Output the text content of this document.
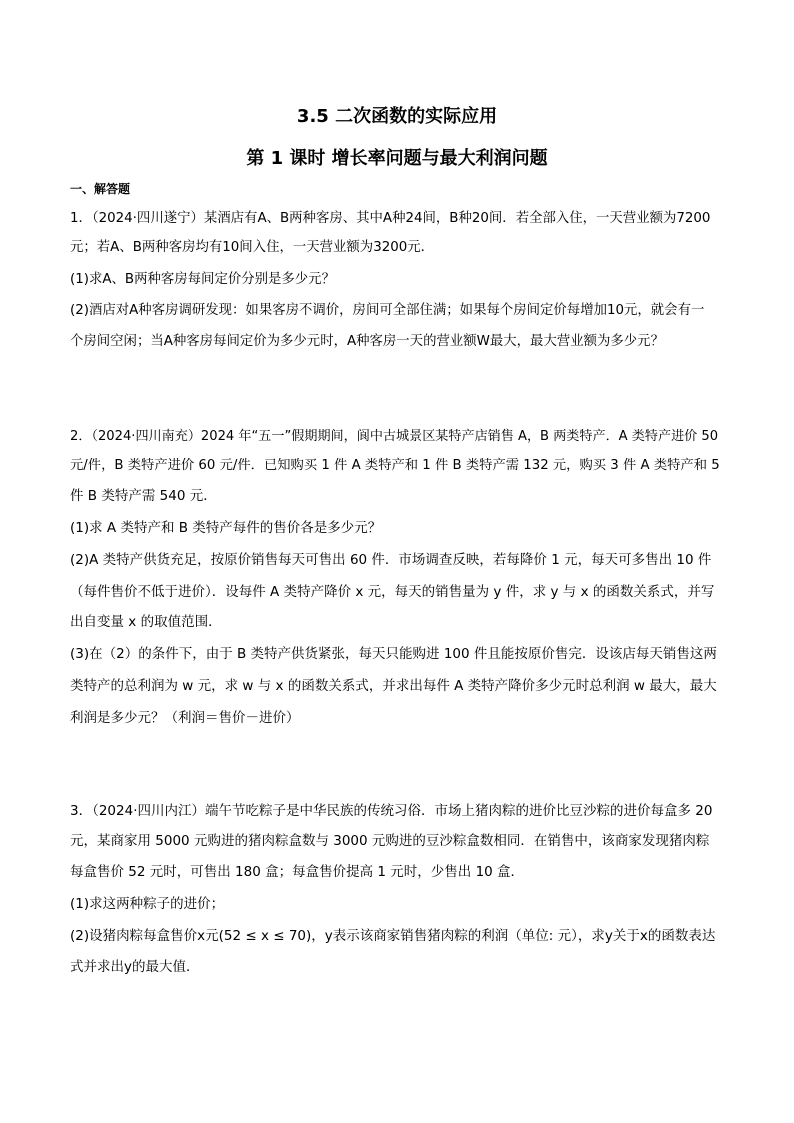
3.5 二次函数的实际应用
第 1 课时 增长率问题与最大利润问题
一、解答题
1．（2024·四川遂宁）某酒店有A、B两种客房、其中A种24间，B种20间．若全部入住，一天营业额为7200
元；若A、B两种客房均有10间入住，一天营业额为3200元．
(1)求A、B两种客房每间定价分别是多少元？
(2)酒店对A种客房调研发现：如果客房不调价，房间可全部住满；如果每个房间定价每增加10元，就会有一
个房间空闲；当A种客房每间定价为多少元时，A种客房一天的营业额W最大，最大营业额为多少元？
2．（2024·四川南充）2024 年“五一”假期期间，阆中古城景区某特产店销售 A，B 两类特产．A 类特产进价 50
元/件，B 类特产进价 60 元/件．已知购买 1 件 A 类特产和 1 件 B 类特产需 132 元，购买 3 件 A 类特产和 5
件 B 类特产需 540 元．
(1)求 A 类特产和 B 类特产每件的售价各是多少元？
(2)A 类特产供货充足，按原价销售每天可售出 60 件．市场调查反映，若每降价 1 元，每天可多售出 10 件
（每件售价不低于进价）．设每件 A 类特产降价 x 元，每天的销售量为 y 件，求 y 与 x 的函数关系式，并写
出自变量 x 的取值范围．
(3)在（2）的条件下，由于 B 类特产供货紧张，每天只能购进 100 件且能按原价售完．设该店每天销售这两
类特产的总利润为 w 元，求 w 与 x 的函数关系式，并求出每件 A 类特产降价多少元时总利润 w 最大，最大
利润是多少元？（利润＝售价－进价）
3．（2024·四川内江）端午节吃粽子是中华民族的传统习俗．市场上猪肉粽的进价比豆沙粽的进价每盒多 20
元，某商家用 5000 元购进的猪肉粽盒数与 3000 元购进的豆沙粽盒数相同．在销售中，该商家发现猪肉粽
每盒售价 52 元时，可售出 180 盒；每盒售价提高 1 元时，少售出 10 盒．
(1)求这两种粽子的进价；
(2)设猪肉粽每盒售价x元(52 ≤ x ≤ 70)，y表示该商家销售猪肉粽的利润（单位: 元），求y关于x的函数表达
式并求出y的最大值．
